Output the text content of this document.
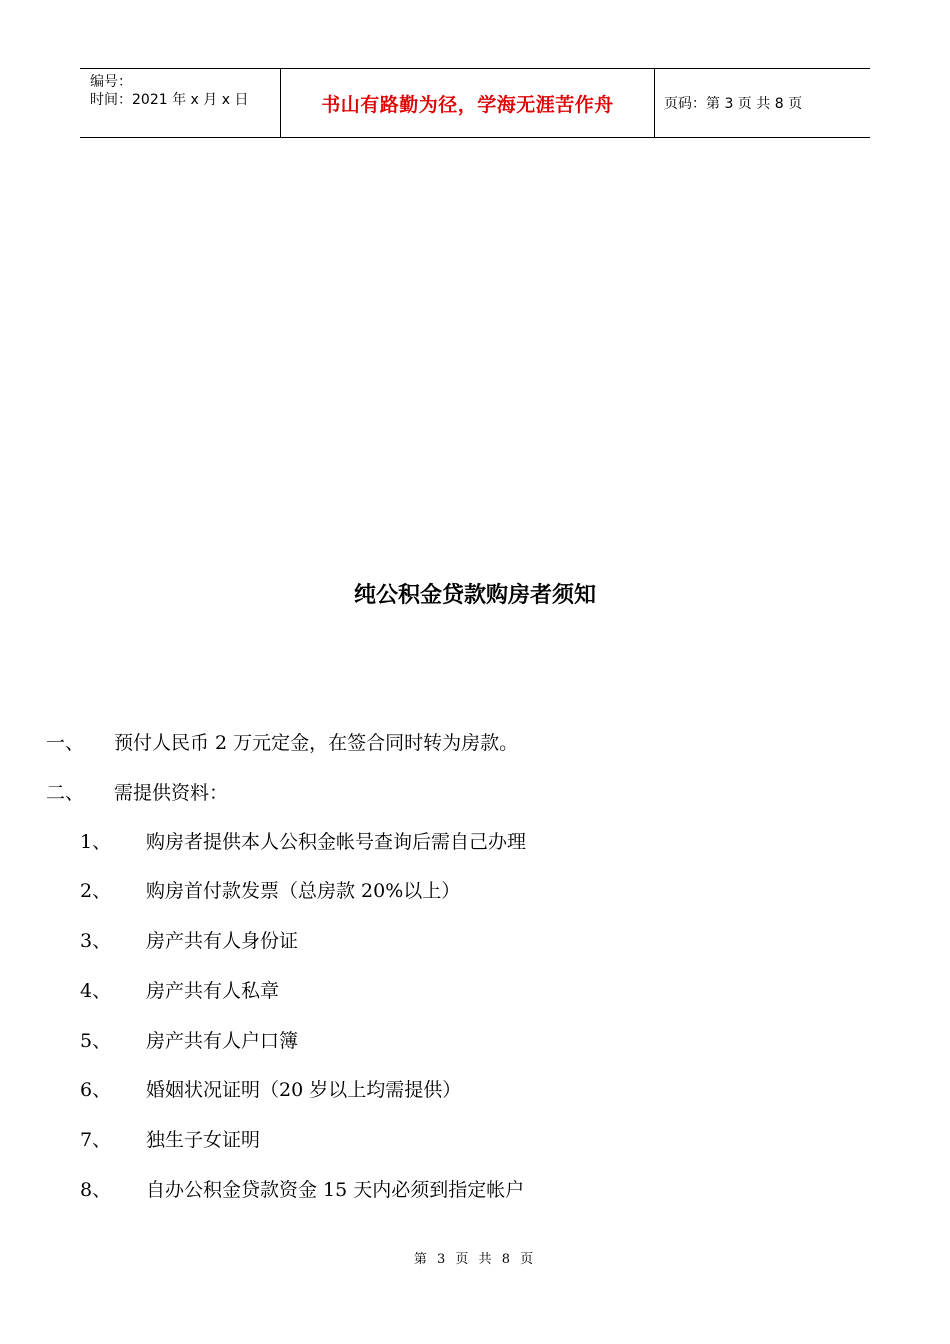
编号：
时间：2021 年 x 月 x 日	书山有路勤为径，学海无涯苦作舟	页码：第 3 页 共 8 页
纯公积金贷款购房者须知
一、 预付人民币 2 万元定金，在签合同时转为房款。
二、 需提供资料：
1、 购房者提供本人公积金帐号查询后需自己办理
2、 购房首付款发票（总房款 20%以上）
3、 房产共有人身份证
4、 房产共有人私章
5、 房产共有人户口簿
6、 婚姻状况证明（20 岁以上均需提供）
7、 独生子女证明
8、 自办公积金贷款资金 15 天内必须到指定帐户
第 3 页 共 8 页
